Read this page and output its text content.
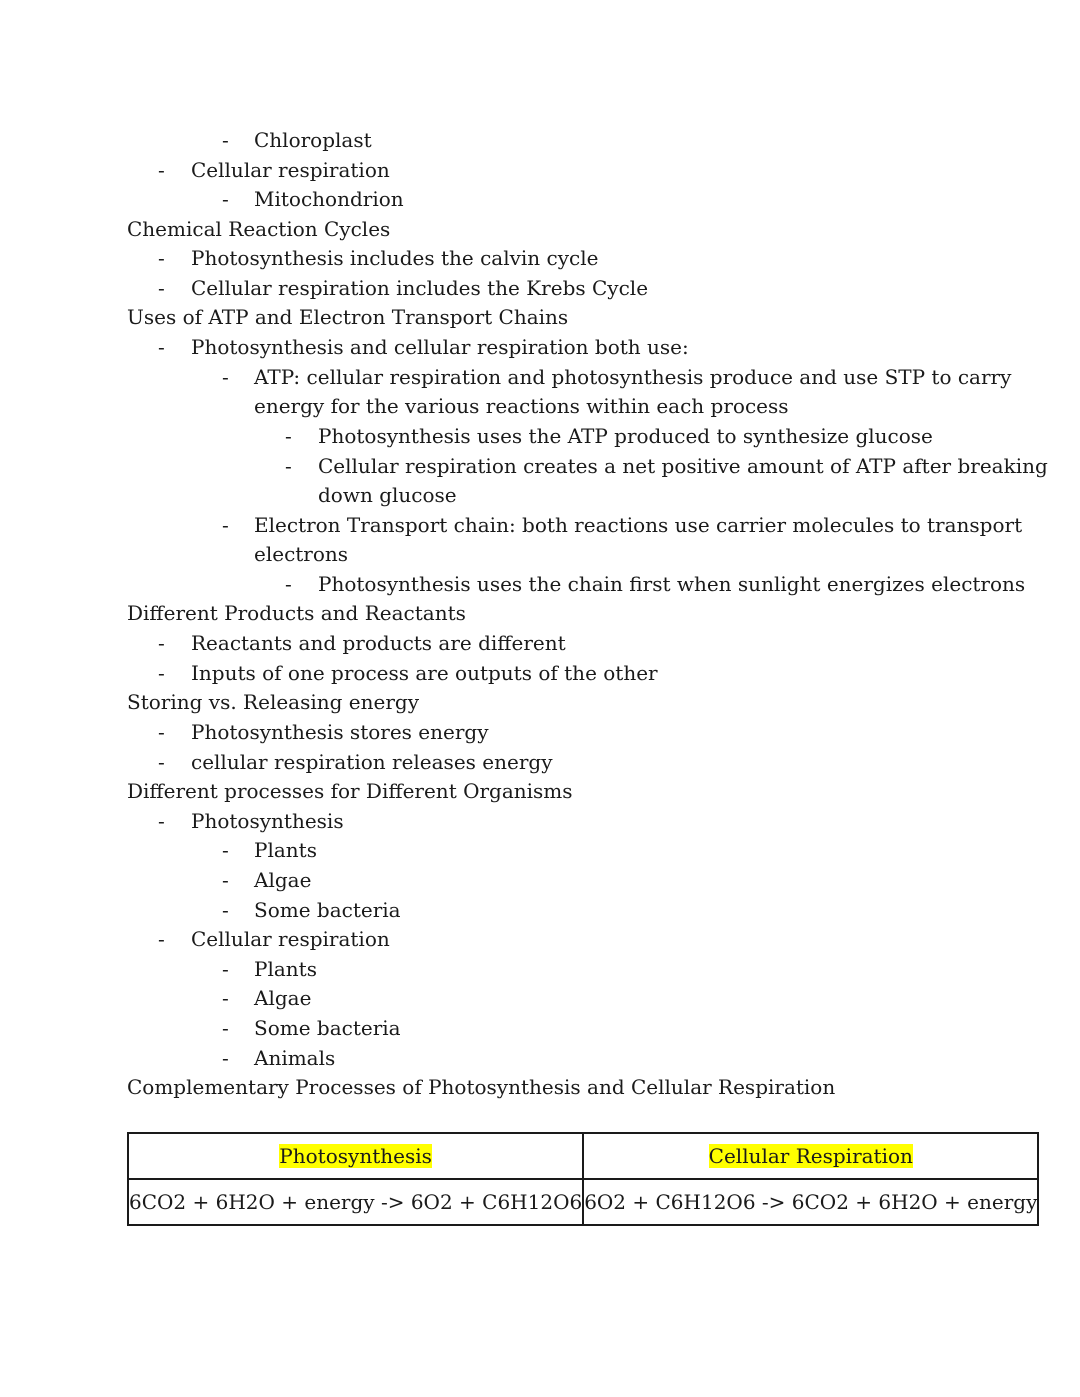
- Chloroplast
- Cellular respiration
- Mitochondrion
Chemical Reaction Cycles
- Photosynthesis includes the calvin cycle
- Cellular respiration includes the Krebs Cycle
Uses of ATP and Electron Transport Chains
- Photosynthesis and cellular respiration both use:
- ATP: cellular respiration and photosynthesis produce and use STP to carry
energy for the various reactions within each process
- Photosynthesis uses the ATP produced to synthesize glucose
- Cellular respiration creates a net positive amount of ATP after breaking
down glucose
- Electron Transport chain: both reactions use carrier molecules to transport
electrons
- Photosynthesis uses the chain first when sunlight energizes electrons
Different Products and Reactants
- Reactants and products are different
- Inputs of one process are outputs of the other
Storing vs. Releasing energy
- Photosynthesis stores energy
- cellular respiration releases energy
Different processes for Different Organisms
- Photosynthesis
- Plants
- Algae
- Some bacteria
- Cellular respiration
- Plants
- Algae
- Some bacteria
- Animals
Complementary Processes of Photosynthesis and Cellular Respiration
Photosynthesis	Cellular Respiration
6CO2 + 6H2O + energy -> 6O2 + C6H12O6	6O2 + C6H12O6 -> 6CO2 + 6H2O + energy
